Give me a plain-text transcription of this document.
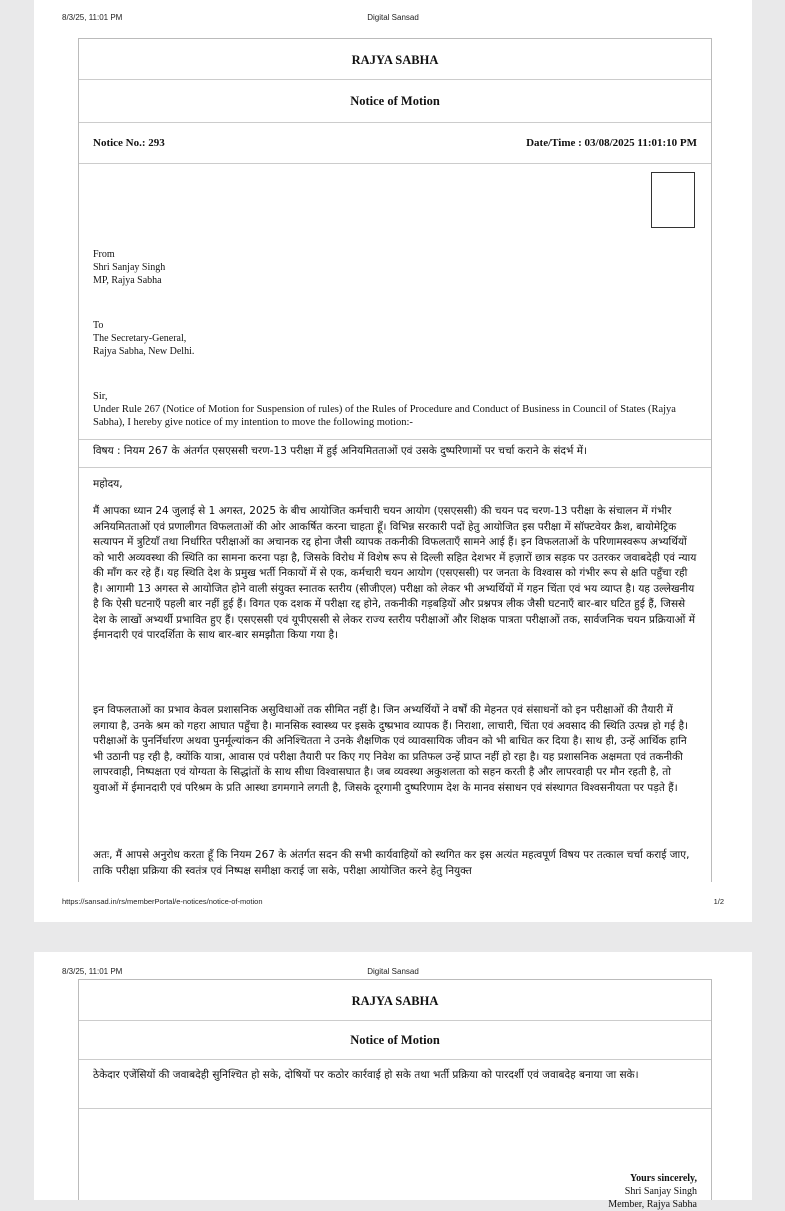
8/3/25, 11:01 PM	Digital Sansad
RAJYA SABHA
Notice of Motion
Notice No.: 293	Date/Time : 03/08/2025 11:01:10 PM
From
Shri Sanjay Singh
MP, Rajya Sabha
To
The Secretary-General,
Rajya Sabha, New Delhi.
Sir,
Under Rule 267 (Notice of Motion for Suspension of rules) of the Rules of Procedure and Conduct of Business in Council of States (Rajya Sabha), I hereby give notice of my intention to move the following motion:-
विषय : नियम 267 के अंतर्गत एसएससी चरण-13 परीक्षा में हुई अनियमितताओं एवं उसके दुष्परिणामों पर चर्चा कराने के संदर्भ में।
महोदय,
मैं आपका ध्यान 24 जुलाई से 1 अगस्त, 2025 के बीच आयोजित कर्मचारी चयन आयोग (एसएससी) की चयन पद चरण-13 परीक्षा के संचालन में गंभीर अनियमितताओं एवं प्रणालीगत विफलताओं की ओर आकर्षित करना चाहता हूँ। विभिन्न सरकारी पदों हेतु आयोजित इस परीक्षा में सॉफ्टवेयर क्रैश, बायोमेट्रिक सत्यापन में त्रुटियाँ तथा निर्धारित परीक्षाओं का अचानक रद्द होना जैसी व्यापक तकनीकी विफलताएँ सामने आई हैं। इन विफलताओं के परिणामस्वरूप अभ्यर्थियों को भारी अव्यवस्था की स्थिति का सामना करना पड़ा है, जिसके विरोध में विशेष रूप से दिल्ली सहित देशभर में हज़ारों छात्र सड़क पर उतरकर जवाबदेही एवं न्याय की माँग कर रहे हैं। यह स्थिति देश के प्रमुख भर्ती निकायों में से एक, कर्मचारी चयन आयोग (एसएससी) पर जनता के विश्वास को गंभीर रूप से क्षति पहुँचा रही है। आगामी 13 अगस्त से आयोजित होने वाली संयुक्त स्नातक स्तरीय (सीजीएल) परीक्षा को लेकर भी अभ्यर्थियों में गहन चिंता एवं भय व्याप्त है। यह उल्लेखनीय है कि ऐसी घटनाएँ पहली बार नहीं हुई हैं। विगत एक दशक में परीक्षा रद्द होने, तकनीकी गड़बड़ियों और प्रश्नपत्र लीक जैसी घटनाएँ बार-बार घटित हुई हैं, जिससे देश के लाखों अभ्यर्थी प्रभावित हुए हैं। एसएससी एवं यूपीएससी से लेकर राज्य स्तरीय परीक्षाओं और शिक्षक पात्रता परीक्षाओं तक, सार्वजनिक चयन प्रक्रियाओं में ईमानदारी एवं पारदर्शिता के साथ बार-बार समझौता किया गया है।
इन विफलताओं का प्रभाव केवल प्रशासनिक असुविधाओं तक सीमित नहीं है। जिन अभ्यर्थियों ने वर्षों की मेहनत एवं संसाधनों को इन परीक्षाओं की तैयारी में लगाया है, उनके श्रम को गहरा आघात पहुँचा है। मानसिक स्वास्थ्य पर इसके दुष्प्रभाव व्यापक हैं। निराशा, लाचारी, चिंता एवं अवसाद की स्थिति उत्पन्न हो गई है। परीक्षाओं के पुनर्निर्धारण अथवा पुनर्मूल्यांकन की अनिश्चितता ने उनके शैक्षणिक एवं व्यावसायिक जीवन को भी बाधित कर दिया है। साथ ही, उन्हें आर्थिक हानि भी उठानी पड़ रही है, क्योंकि यात्रा, आवास एवं परीक्षा तैयारी पर किए गए निवेश का प्रतिफल उन्हें प्राप्त नहीं हो रहा है। यह प्रशासनिक अक्षमता एवं तकनीकी लापरवाही, निष्पक्षता एवं योग्यता के सिद्धांतों के साथ सीधा विश्वासघात है। जब व्यवस्था अकुशलता को सहन करती है और लापरवाही पर मौन रहती है, तो युवाओं में ईमानदारी एवं परिश्रम के प्रति आस्था डगमगाने लगती है, जिसके दूरगामी दुष्परिणाम देश के मानव संसाधन एवं संस्थागत विश्वसनीयता पर पड़ते हैं।
अतः, मैं आपसे अनुरोध करता हूँ कि नियम 267 के अंतर्गत सदन की सभी कार्यवाहियों को स्थगित कर इस अत्यंत महत्वपूर्ण विषय पर तत्काल चर्चा कराई जाए, ताकि परीक्षा प्रक्रिया की स्वतंत्र एवं निष्पक्ष समीक्षा कराई जा सके, परीक्षा आयोजित करने हेतु नियुक्त
https://sansad.in/rs/memberPortal/e-notices/notice-of-motion	1/2
8/3/25, 11:01 PM	Digital Sansad
RAJYA SABHA
Notice of Motion
ठेकेदार एजेंसियों की जवाबदेही सुनिश्चित हो सके, दोषियों पर कठोर कार्रवाई हो सके तथा भर्ती प्रक्रिया को पारदर्शी एवं जवाबदेह बनाया जा सके।
Yours sincerely,
Shri Sanjay Singh
Member, Rajya Sabha
